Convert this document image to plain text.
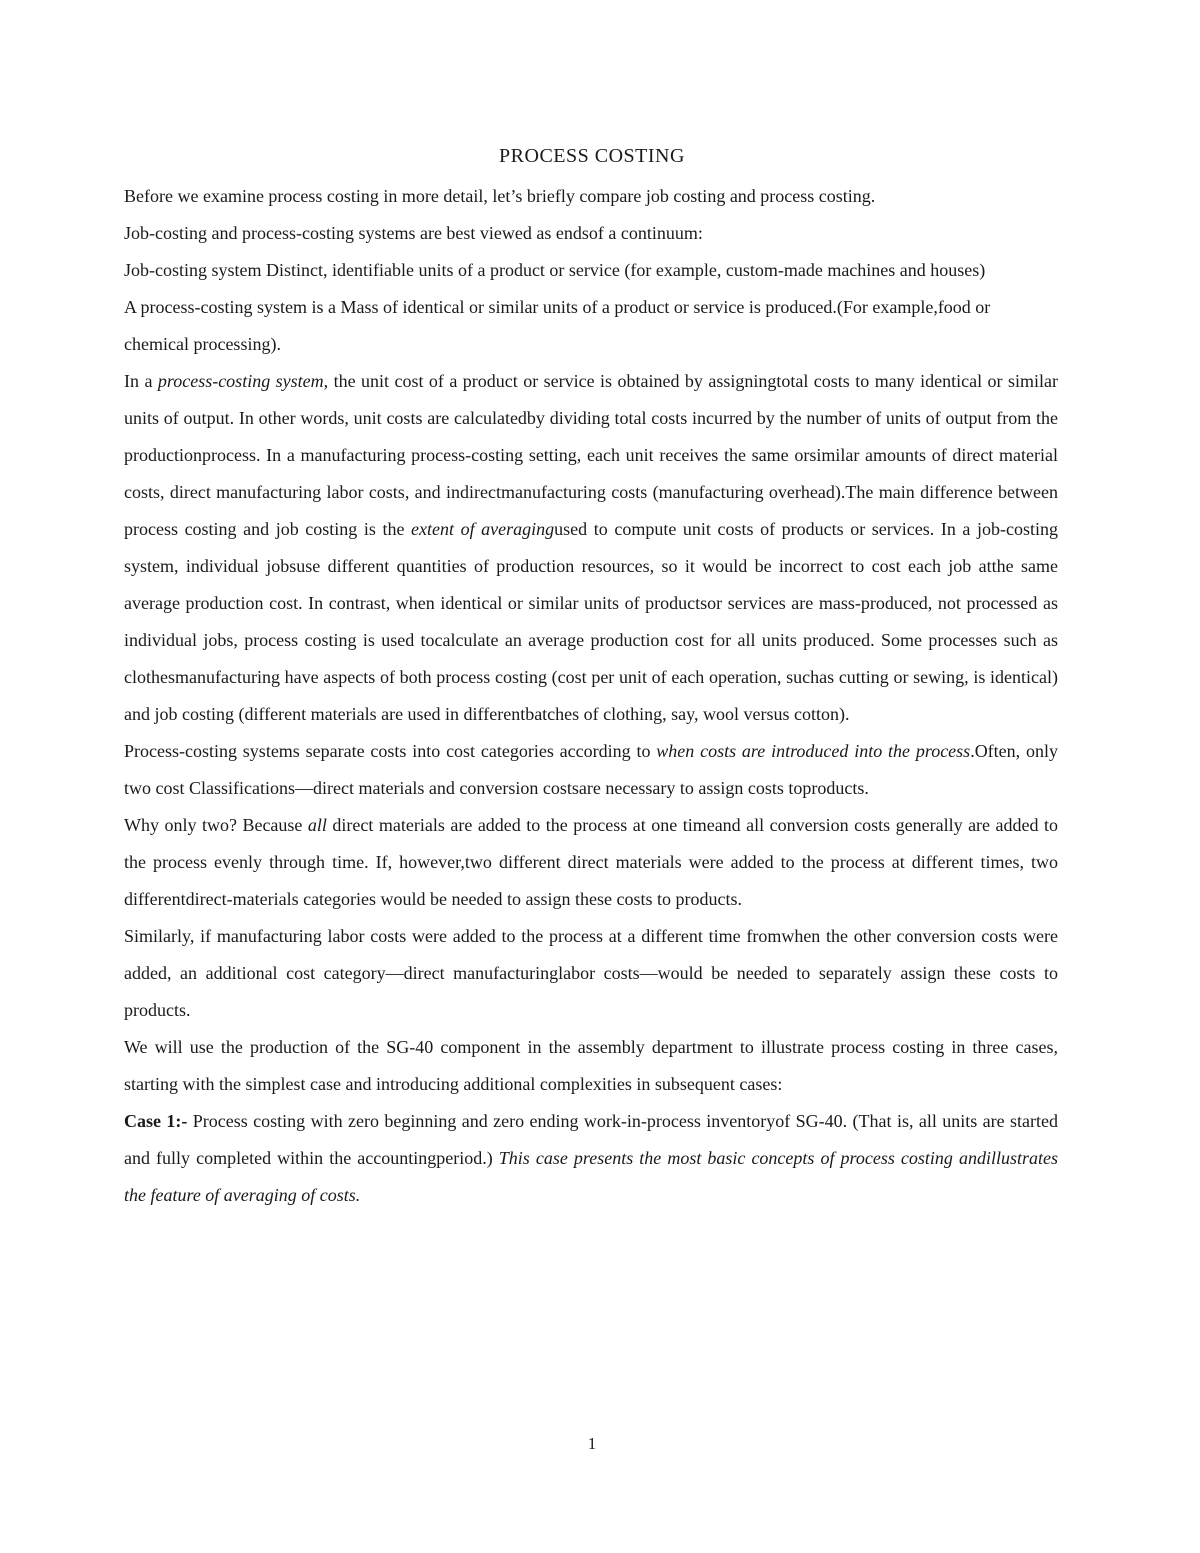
PROCESS COSTING

Before we examine process costing in more detail, let’s briefly compare job costing and process costing.

Job-costing and process-costing systems are best viewed as endsof a continuum:

Job-costing system Distinct, identifiable units of a product or service (for example, custom-made machines and houses)

A process-costing system is a Mass of identical or similar units of a product or service is produced.(For example,food or chemical processing).

In a process-costing system, the unit cost of a product or service is obtained by assigningtotal costs to many identical or similar units of output. In other words, unit costs are calculatedby dividing total costs incurred by the number of units of output from the productionprocess. In a manufacturing process-costing setting, each unit receives the same orsimilar amounts of direct material costs, direct manufacturing labor costs, and indirectmanufacturing costs (manufacturing overhead).The main difference between process costing and job costing is the extent of averagingused to compute unit costs of products or services. In a job-costing system, individual jobsuse different quantities of production resources, so it would be incorrect to cost each job atthe same average production cost. In contrast, when identical or similar units of productsor services are mass-produced, not processed as individual jobs, process costing is used tocalculate an average production cost for all units produced. Some processes such as clothesmanufacturing have aspects of both process costing (cost per unit of each operation, suchas cutting or sewing, is identical) and job costing (different materials are used in differentbatches of clothing, say, wool versus cotton).

Process-costing systems separate costs into cost categories according to when costs are introduced into the process.Often, only two cost Classifications—direct materials and conversion costsare necessary to assign costs toproducts.

Why only two? Because all direct materials are added to the process at one timeand all conversion costs generally are added to the process evenly through time. If, however,two different direct materials were added to the process at different times, two differentdirect-materials categories would be needed to assign these costs to products.

Similarly, if manufacturing labor costs were added to the process at a different time fromwhen the other conversion costs were added, an additional cost category—direct manufacturinglabor costs—would be needed to separately assign these costs to products.

We will use the production of the SG-40 component in the assembly department to illustrate process costing in three cases, starting with the simplest case and introducing additional complexities in subsequent cases:

Case 1:- Process costing with zero beginning and zero ending work-in-process inventoryof SG-40. (That is, all units are started and fully completed within the accountingperiod.) This case presents the most basic concepts of process costing andillustrates the feature of averaging of costs.

1
